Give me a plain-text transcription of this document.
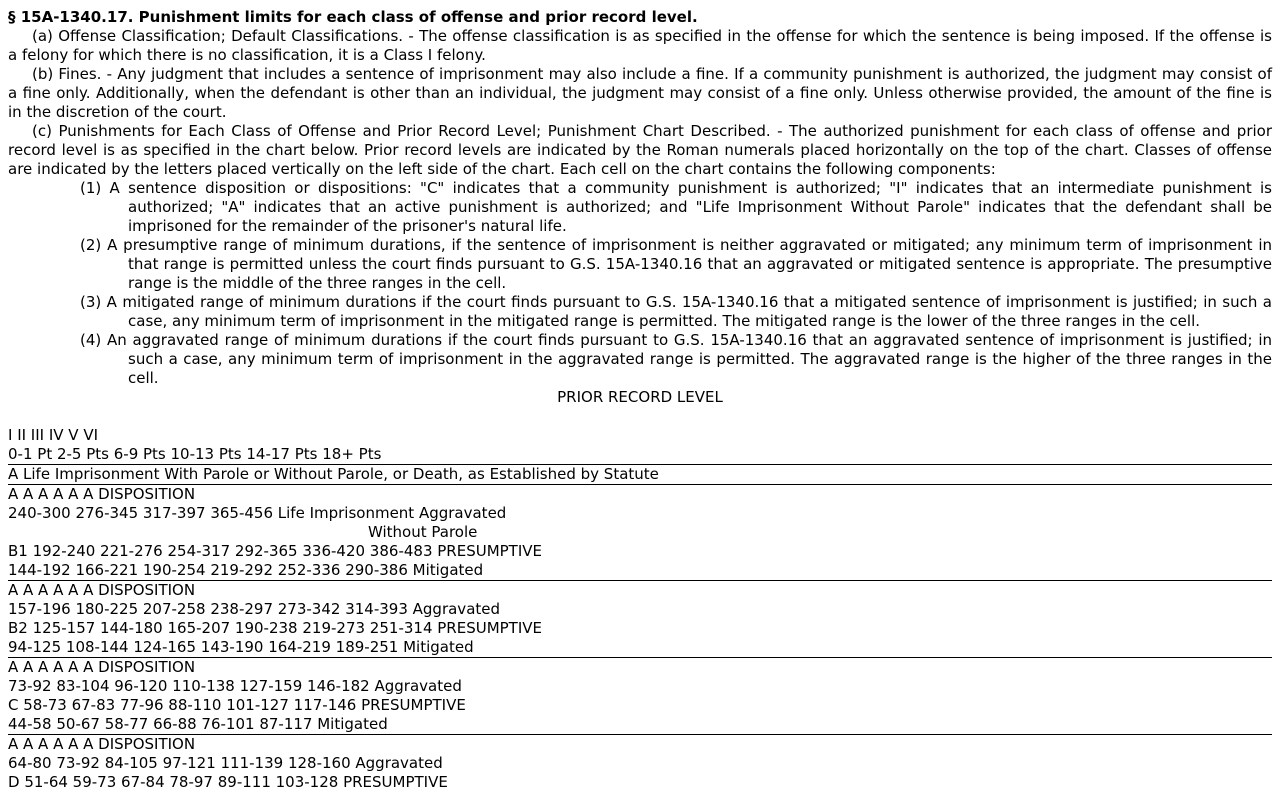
§ 15A-1340.17. Punishment limits for each class of offense and prior record level.

(a) Offense Classification; Default Classifications. - The offense classification is as specified in the offense for which the sentence is being imposed. If the offense is a felony for which there is no classification, it is a Class I felony.

(b) Fines. - Any judgment that includes a sentence of imprisonment may also include a fine. If a community punishment is authorized, the judgment may consist of a fine only. Additionally, when the defendant is other than an individual, the judgment may consist of a fine only. Unless otherwise provided, the amount of the fine is in the discretion of the court.

(c) Punishments for Each Class of Offense and Prior Record Level; Punishment Chart Described. - The authorized punishment for each class of offense and prior record level is as specified in the chart below. Prior record levels are indicated by the Roman numerals placed horizontally on the top of the chart. Classes of offense are indicated by the letters placed vertically on the left side of the chart. Each cell on the chart contains the following components:

(1) A sentence disposition or dispositions: "C" indicates that a community punishment is authorized; "I" indicates that an intermediate punishment is authorized; "A" indicates that an active punishment is authorized; and "Life Imprisonment Without Parole" indicates that the defendant shall be imprisoned for the remainder of the prisoner's natural life.

(2) A presumptive range of minimum durations, if the sentence of imprisonment is neither aggravated or mitigated; any minimum term of imprisonment in that range is permitted unless the court finds pursuant to G.S. 15A-1340.16 that an aggravated or mitigated sentence is appropriate. The presumptive range is the middle of the three ranges in the cell.

(3) A mitigated range of minimum durations if the court finds pursuant to G.S. 15A-1340.16 that a mitigated sentence of imprisonment is justified; in such a case, any minimum term of imprisonment in the mitigated range is permitted. The mitigated range is the lower of the three ranges in the cell.

(4) An aggravated range of minimum durations if the court finds pursuant to G.S. 15A-1340.16 that an aggravated sentence of imprisonment is justified; in such a case, any minimum term of imprisonment in the aggravated range is permitted. The aggravated range is the higher of the three ranges in the cell.

PRIOR RECORD LEVEL

I II III IV V VI
0-1 Pt 2-5 Pts 6-9 Pts 10-13 Pts 14-17 Pts 18+ Pts
A Life Imprisonment With Parole or Without Parole, or Death, as Established by Statute
A A A A A A DISPOSITION
240-300 276-345 317-397 365-456 Life Imprisonment Aggravated
Without Parole
B1 192-240 221-276 254-317 292-365 336-420 386-483 PRESUMPTIVE
144-192 166-221 190-254 219-292 252-336 290-386 Mitigated
A A A A A A DISPOSITION
157-196 180-225 207-258 238-297 273-342 314-393 Aggravated
B2 125-157 144-180 165-207 190-238 219-273 251-314 PRESUMPTIVE
94-125 108-144 124-165 143-190 164-219 189-251 Mitigated
A A A A A A DISPOSITION
73-92 83-104 96-120 110-138 127-159 146-182 Aggravated
C 58-73 67-83 77-96 88-110 101-127 117-146 PRESUMPTIVE
44-58 50-67 58-77 66-88 76-101 87-117 Mitigated
A A A A A A DISPOSITION
64-80 73-92 84-105 97-121 111-139 128-160 Aggravated
D 51-64 59-73 67-84 78-97 89-111 103-128 PRESUMPTIVE
